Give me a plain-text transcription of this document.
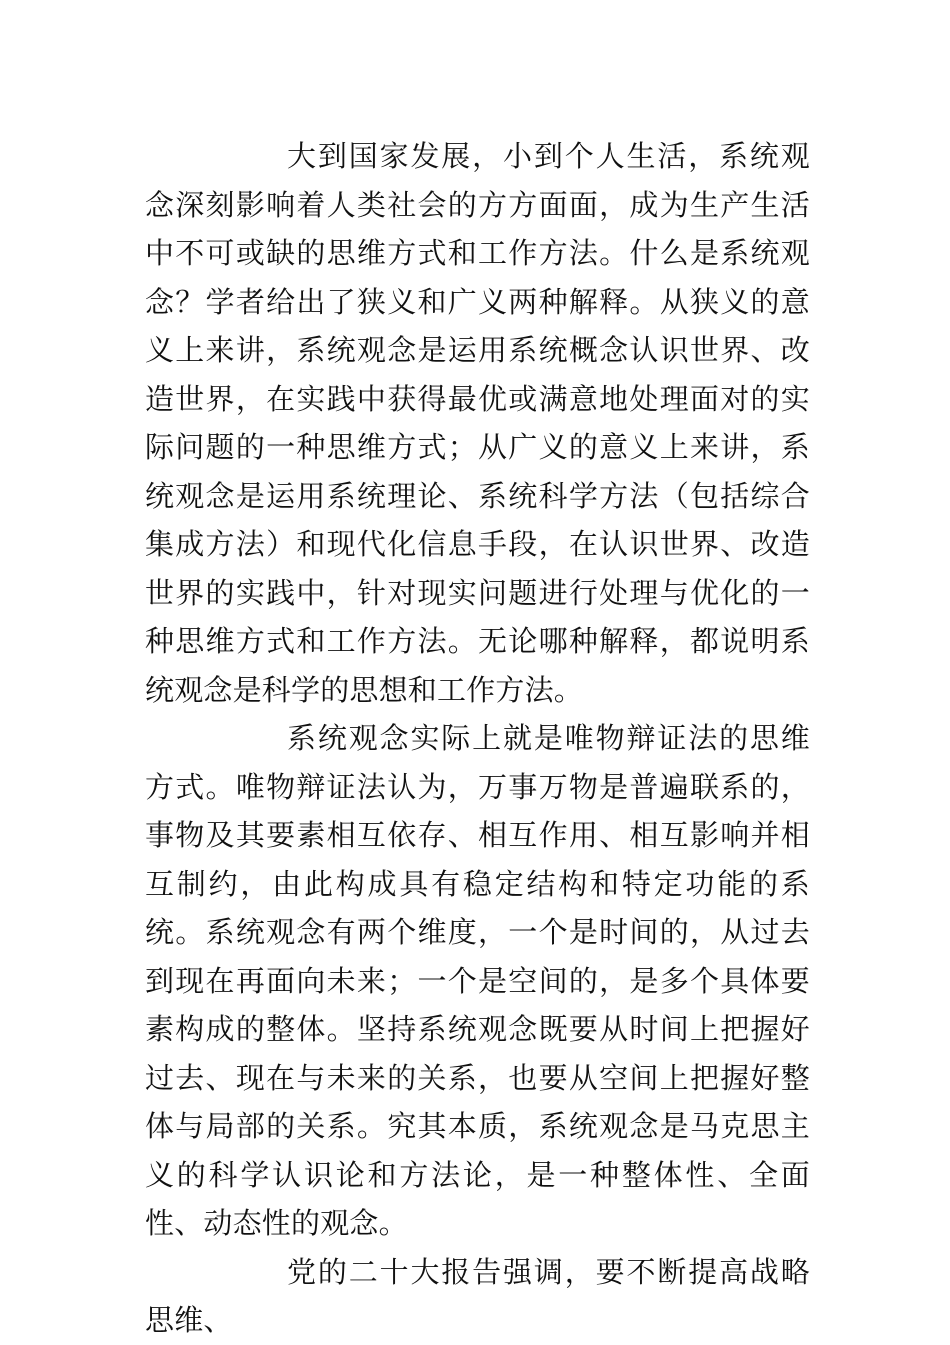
大到国家发展，小到个人生活，系统观念深刻影响着人类社会的方方面面，成为生产生活中不可或缺的思维方式和工作方法。什么是系统观念？学者给出了狭义和广义两种解释。从狭义的意义上来讲，系统观念是运用系统概念认识世界、改造世界，在实践中获得最优或满意地处理面对的实际问题的一种思维方式；从广义的意义上来讲，系统观念是运用系统理论、系统科学方法（包括综合集成方法）和现代化信息手段，在认识世界、改造世界的实践中，针对现实问题进行处理与优化的一种思维方式和工作方法。无论哪种解释，都说明系统观念是科学的思想和工作方法。

系统观念实际上就是唯物辩证法的思维方式。唯物辩证法认为，万事万物是普遍联系的，事物及其要素相互依存、相互作用、相互影响并相互制约，由此构成具有稳定结构和特定功能的系统。系统观念有两个维度，一个是时间的，从过去到现在再面向未来；一个是空间的，是多个具体要素构成的整体。坚持系统观念既要从时间上把握好过去、现在与未来的关系，也要从空间上把握好整体与局部的关系。究其本质，系统观念是马克思主义的科学认识论和方法论，是一种整体性、全面性、动态性的观念。

党的二十大报告强调，要不断提高战略思维、
